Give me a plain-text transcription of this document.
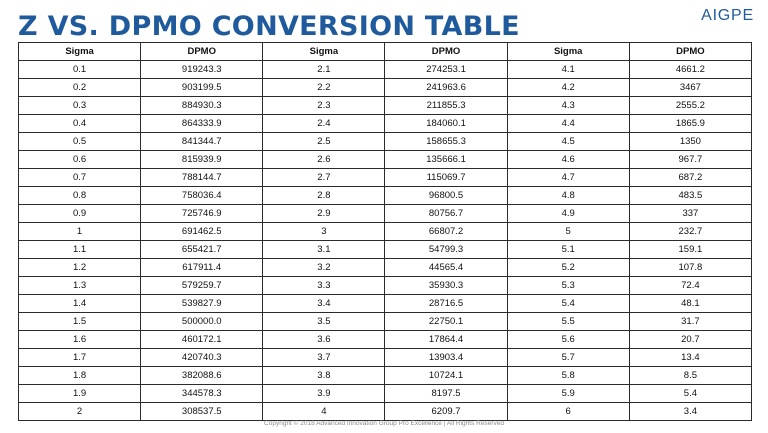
Z VS. DPMO CONVERSION TABLE	AIGPE
Sigma	DPMO	Sigma	DPMO	Sigma	DPMO
0.1	919243.3	2.1	274253.1	4.1	4661.2
0.2	903199.5	2.2	241963.6	4.2	3467
0.3	884930.3	2.3	211855.3	4.3	2555.2
0.4	864333.9	2.4	184060.1	4.4	1865.9
0.5	841344.7	2.5	158655.3	4.5	1350
0.6	815939.9	2.6	135666.1	4.6	967.7
0.7	788144.7	2.7	115069.7	4.7	687.2
0.8	758036.4	2.8	96800.5	4.8	483.5
0.9	725746.9	2.9	80756.7	4.9	337
1	691462.5	3	66807.2	5	232.7
1.1	655421.7	3.1	54799.3	5.1	159.1
1.2	617911.4	3.2	44565.4	5.2	107.8
1.3	579259.7	3.3	35930.3	5.3	72.4
1.4	539827.9	3.4	28716.5	5.4	48.1
1.5	500000.0	3.5	22750.1	5.5	31.7
1.6	460172.1	3.6	17864.4	5.6	20.7
1.7	420740.3	3.7	13903.4	5.7	13.4
1.8	382088.6	3.8	10724.1	5.8	8.5
1.9	344578.3	3.9	8197.5	5.9	5.4
2	308537.5	4	6209.7	6	3.4
Copyright © 2018 Advanced Innovation Group Pro Excellence | All Rights Reserved
